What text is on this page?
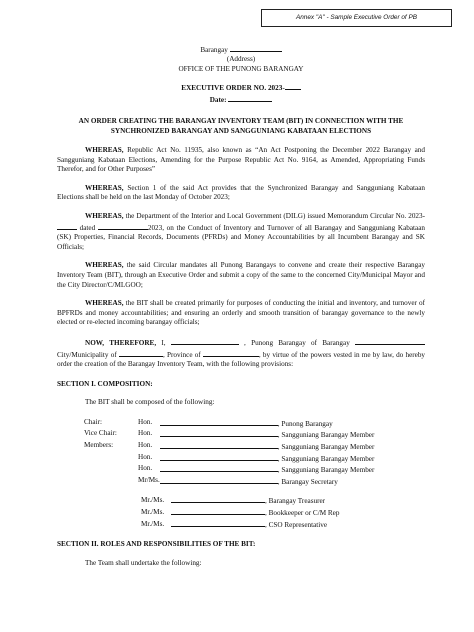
Annex "A" - Sample Executive Order of PB
Barangay
(Address)
OFFICE OF THE PUNONG BARANGAY
EXECUTIVE ORDER NO. 2023-
Date:
AN ORDER CREATING THE BARANGAY INVENTORY TEAM (BIT) IN CONNECTION WITH THE SYNCHRONIZED BARANGAY AND SANGGUNIANG KABATAAN ELECTIONS

WHEREAS, Republic Act No. 11935, also known as “An Act Postponing the December 2022 Barangay and Sangguniang Kabataan Elections, Amending for the Purpose Republic Act No. 9164, as Amended, Appropriating Funds Therefor, and for Other Purposes”

WHEREAS, Section 1 of the said Act provides that the Synchronized Barangay and Sangguniang Kabataan Elections shall be held on the last Monday of October 2023;

WHEREAS, the Department of the Interior and Local Government (DILG) issued Memorandum Circular No. 2023-  dated	2023, on the Conduct of Inventory and Turnover of all Barangay and Sangguniang Kabataan (SK) Properties, Financial Records, Documents (PFRDs) and Money Accountabilities by all Incumbent Barangay and SK Officials;

WHEREAS, the said Circular mandates all Punong Barangays to convene and create their respective Barangay Inventory Team (BIT), through an Executive Order and submit a copy of the same to the concerned City/Municipal Mayor and the City Director/C/MLGOO;

WHEREAS, the BIT shall be created primarily for purposes of conducting the initial and inventory, and turnover of BPFRDs and money accountabilities; and ensuring an orderly and smooth transition of barangay governance to the newly elected or re-elected incoming barangay officials;

NOW, THEREFORE, I,	, Punong Barangay of Barangay City/Municipality of	, Province of	, by virtue of the powers vested in me by law, do hereby order the creation of the Barangay Inventory Team, with the following provisions:

SECTION I. COMPOSITION:
The BIT shall be composed of the following:
Chair:	Hon.	, Punong Barangay
Vice Chair:	Hon.	, Sangguniang Barangay Member
Members:	Hon.	, Sangguniang Barangay Member
	Hon.	, Sangguniang Barangay Member
	Hon.	, Sangguniang Barangay Member
	Mr/Ms.	, Barangay Secretary
Mr./Ms.	, Barangay Treasurer
Mr./Ms.	, Bookkeeper or C/M Rep
Mr./Ms.	, CSO Representative
SECTION II. ROLES AND RESPONSIBILITIES OF THE BIT:
The Team shall undertake the following:
